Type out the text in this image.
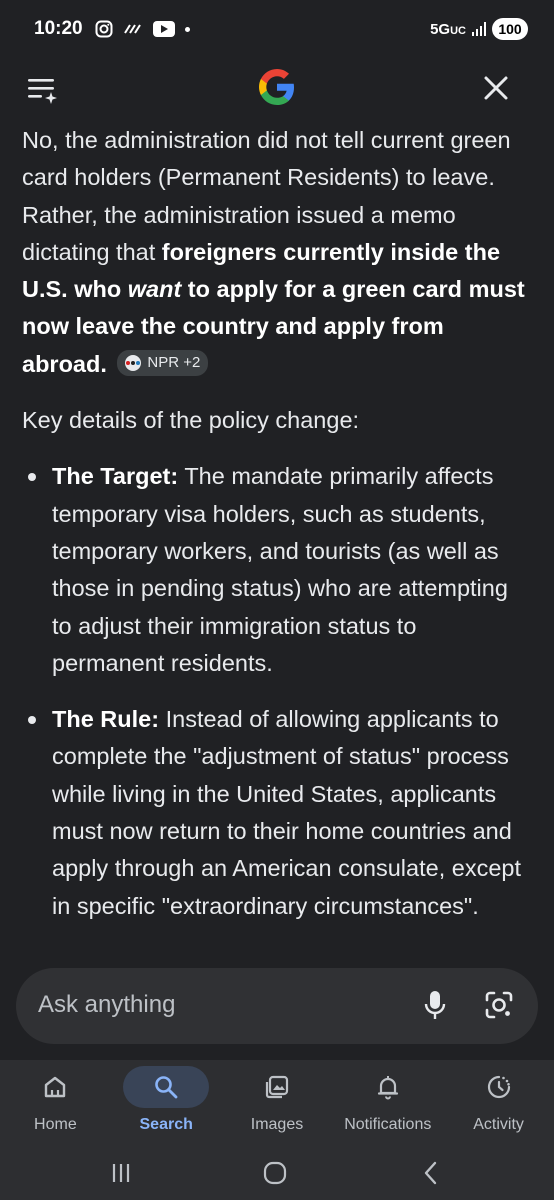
10:20	5GUC	100

No, the administration did not tell current green card holders (Permanent Residents) to leave. Rather, the administration issued a memo dictating that foreigners currently inside the U.S. who want to apply for a green card must now leave the country and apply from abroad.	NPR +2

Key details of the policy change:

The Target: The mandate primarily affects temporary visa holders, such as students, temporary workers, and tourists (as well as those in pending status) who are attempting to adjust their immigration status to permanent residents.
The Rule: Instead of allowing applicants to complete the "adjustment of status" process while living in the United States, applicants must now return to their home countries and apply through an American consulate, except in specific "extraordinary circumstances".
Ask anything
Home	Search	Images	Notifications	Activity
